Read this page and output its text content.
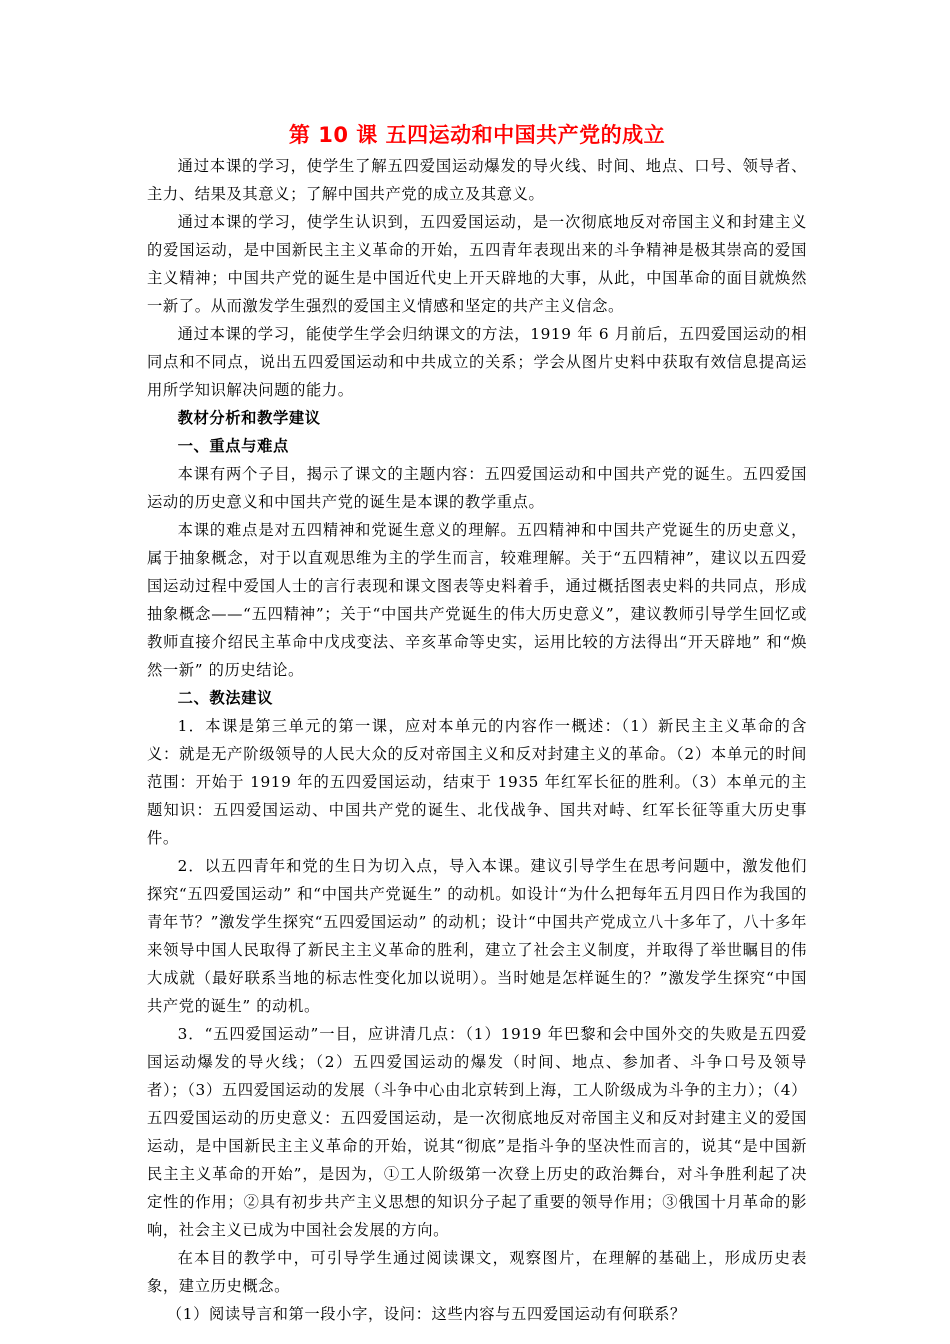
第 10 课 五四运动和中国共产党的成立

通过本课的学习，使学生了解五四爱国运动爆发的导火线、时间、地点、口号、领导者、主力、结果及其意义；了解中国共产党的成立及其意义。

通过本课的学习，使学生认识到，五四爱国运动，是一次彻底地反对帝国主义和封建主义的爱国运动，是中国新民主主义革命的开始，五四青年表现出来的斗争精神是极其崇高的爱国主义精神；中国共产党的诞生是中国近代史上开天辟地的大事，从此，中国革命的面目就焕然一新了。从而激发学生强烈的爱国主义情感和坚定的共产主义信念。

通过本课的学习，能使学生学会归纳课文的方法，1919 年 6 月前后，五四爱国运动的相同点和不同点，说出五四爱国运动和中共成立的关系；学会从图片史料中获取有效信息提高运用所学知识解决问题的能力。

教材分析和教学建议

一、重点与难点

本课有两个子目，揭示了课文的主题内容：五四爱国运动和中国共产党的诞生。五四爱国运动的历史意义和中国共产党的诞生是本课的教学重点。

本课的难点是对五四精神和党诞生意义的理解。五四精神和中国共产党诞生的历史意义，属于抽象概念，对于以直观思维为主的学生而言，较难理解。关于“五四精神”，建议以五四爱国运动过程中爱国人士的言行表现和课文图表等史料着手，通过概括图表史料的共同点，形成抽象概念——“五四精神”；关于“中国共产党诞生的伟大历史意义”，建议教师引导学生回忆或教师直接介绍民主革命中戊戌变法、辛亥革命等史实，运用比较的方法得出“开天辟地” 和“焕然一新” 的历史结论。

二、教法建议

1．本课是第三单元的第一课，应对本单元的内容作一概述：（1）新民主主义革命的含义：就是无产阶级领导的人民大众的反对帝国主义和反对封建主义的革命。（2）本单元的时间范围：开始于 1919 年的五四爱国运动，结束于 1935 年红军长征的胜利。（3）本单元的主题知识：五四爱国运动、中国共产党的诞生、北伐战争、国共对峙、红军长征等重大历史事件。

2．以五四青年和党的生日为切入点，导入本课。建议引导学生在思考问题中，激发他们探究“五四爱国运动” 和“中国共产党诞生” 的动机。如设计“为什么把每年五月四日作为我国的青年节？”激发学生探究“五四爱国运动” 的动机；设计“中国共产党成立八十多年了，八十多年来领导中国人民取得了新民主主义革命的胜利，建立了社会主义制度，并取得了举世瞩目的伟大成就（最好联系当地的标志性变化加以说明）。当时她是怎样诞生的？”激发学生探究“中国共产党的诞生” 的动机。

3．“五四爱国运动”一目，应讲清几点：（1）1919 年巴黎和会中国外交的失败是五四爱国运动爆发的导火线；（2）五四爱国运动的爆发（时间、地点、参加者、斗争口号及领导者）；（3）五四爱国运动的发展（斗争中心由北京转到上海，工人阶级成为斗争的主力）；（4）五四爱国运动的历史意义：五四爱国运动，是一次彻底地反对帝国主义和反对封建主义的爱国运动，是中国新民主主义革命的开始，说其“彻底”是指斗争的坚决性而言的，说其“是中国新民主主义革命的开始”，是因为，①工人阶级第一次登上历史的政治舞台，对斗争胜利起了决定性的作用；②具有初步共产主义思想的知识分子起了重要的领导作用；③俄国十月革命的影响，社会主义已成为中国社会发展的方向。

在本目的教学中，可引导学生通过阅读课文，观察图片，在理解的基础上，形成历史表象，建立历史概念。

（1）阅读导言和第一段小字，设问：这些内容与五四爱国运动有何联系？
